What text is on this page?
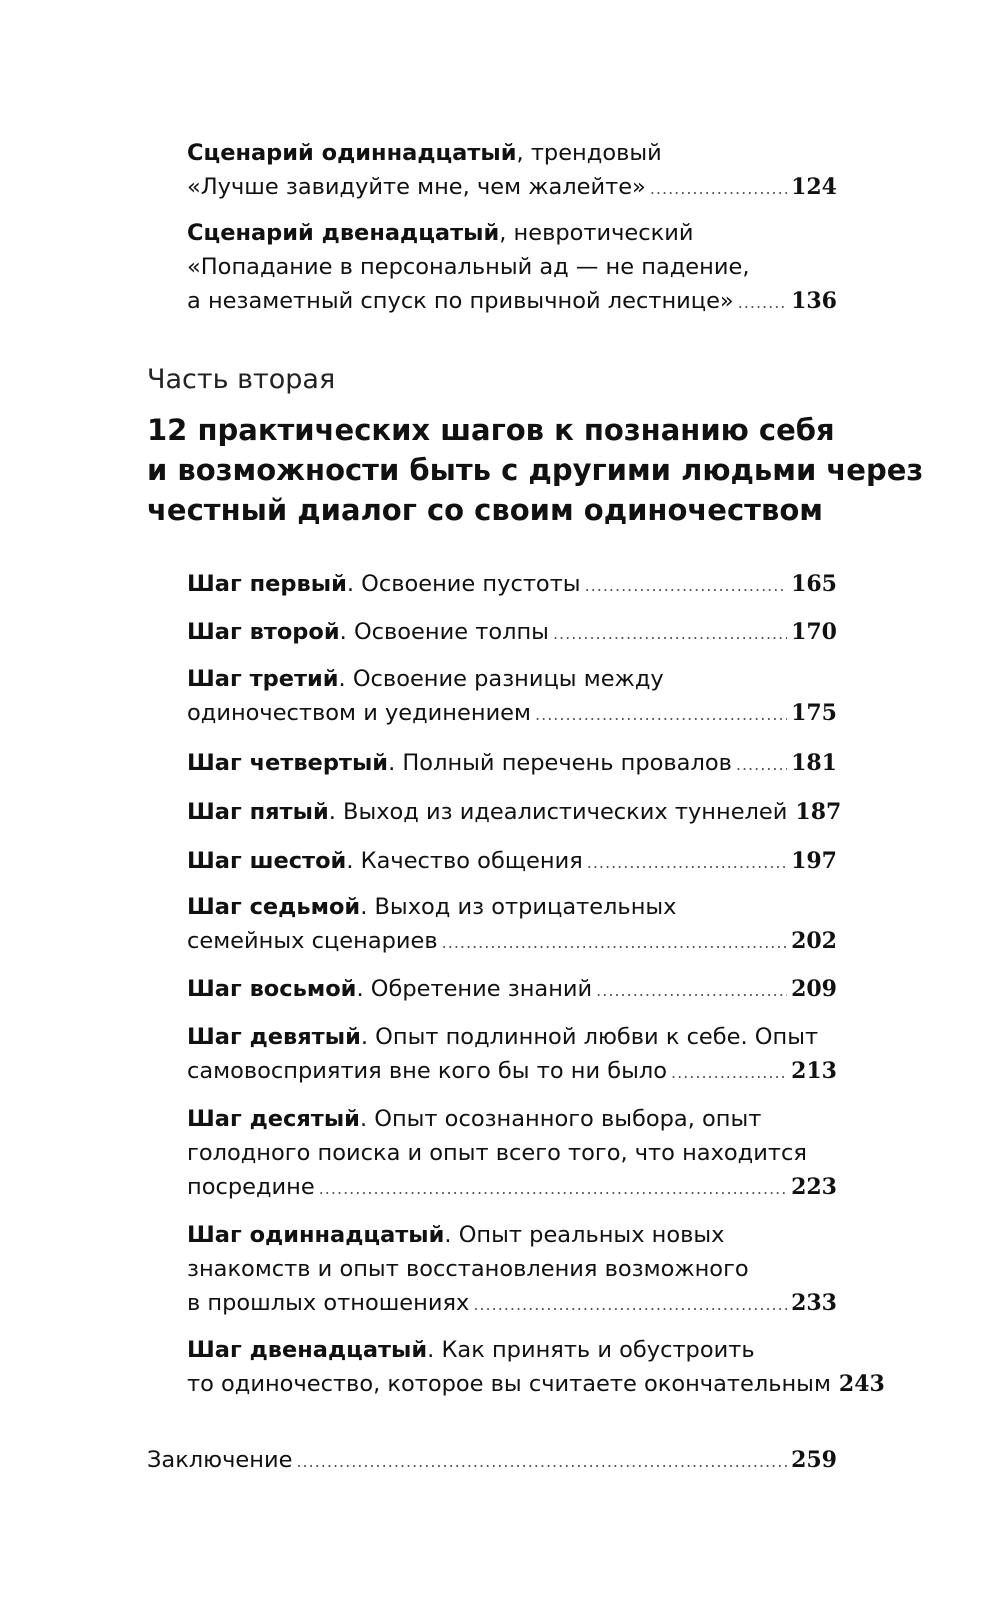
Сценарий одиннадцатый, трендовый
«Лучше завидуйте мне, чем жалейте» .....	124
Сценарий двенадцатый, невротический
«Попадание в персональный ад — не падение,
а незаметный спуск по привычной лестнице» .....	136
Часть вторая
12 практических шагов к познанию себя
и возможности быть с другими людьми через
честный диалог со своим одиночеством
Шаг первый. Освоение пустоты .....	165
Шаг второй. Освоение толпы .....	170
Шаг третий. Освоение разницы между
одиночеством и уединением .....	175
Шаг четвертый. Полный перечень провалов .....	181
Шаг пятый. Выход из идеалистических туннелей 187
Шаг шестой. Качество общения .....	197
Шаг седьмой. Выход из отрицательных
семейных сценариев .....	202
Шаг восьмой. Обретение знаний .....	209
Шаг девятый. Опыт подлинной любви к себе. Опыт
самовосприятия вне кого бы то ни было .....	213
Шаг десятый. Опыт осознанного выбора, опыт
голодного поиска и опыт всего того, что находится
посредине .....	223
Шаг одиннадцатый. Опыт реальных новых
знакомств и опыт восстановления возможного
в прошлых отношениях .....	233
Шаг двенадцатый. Как принять и обустроить
то одиночество, которое вы считаете окончательным 243
Заключение .....	259
